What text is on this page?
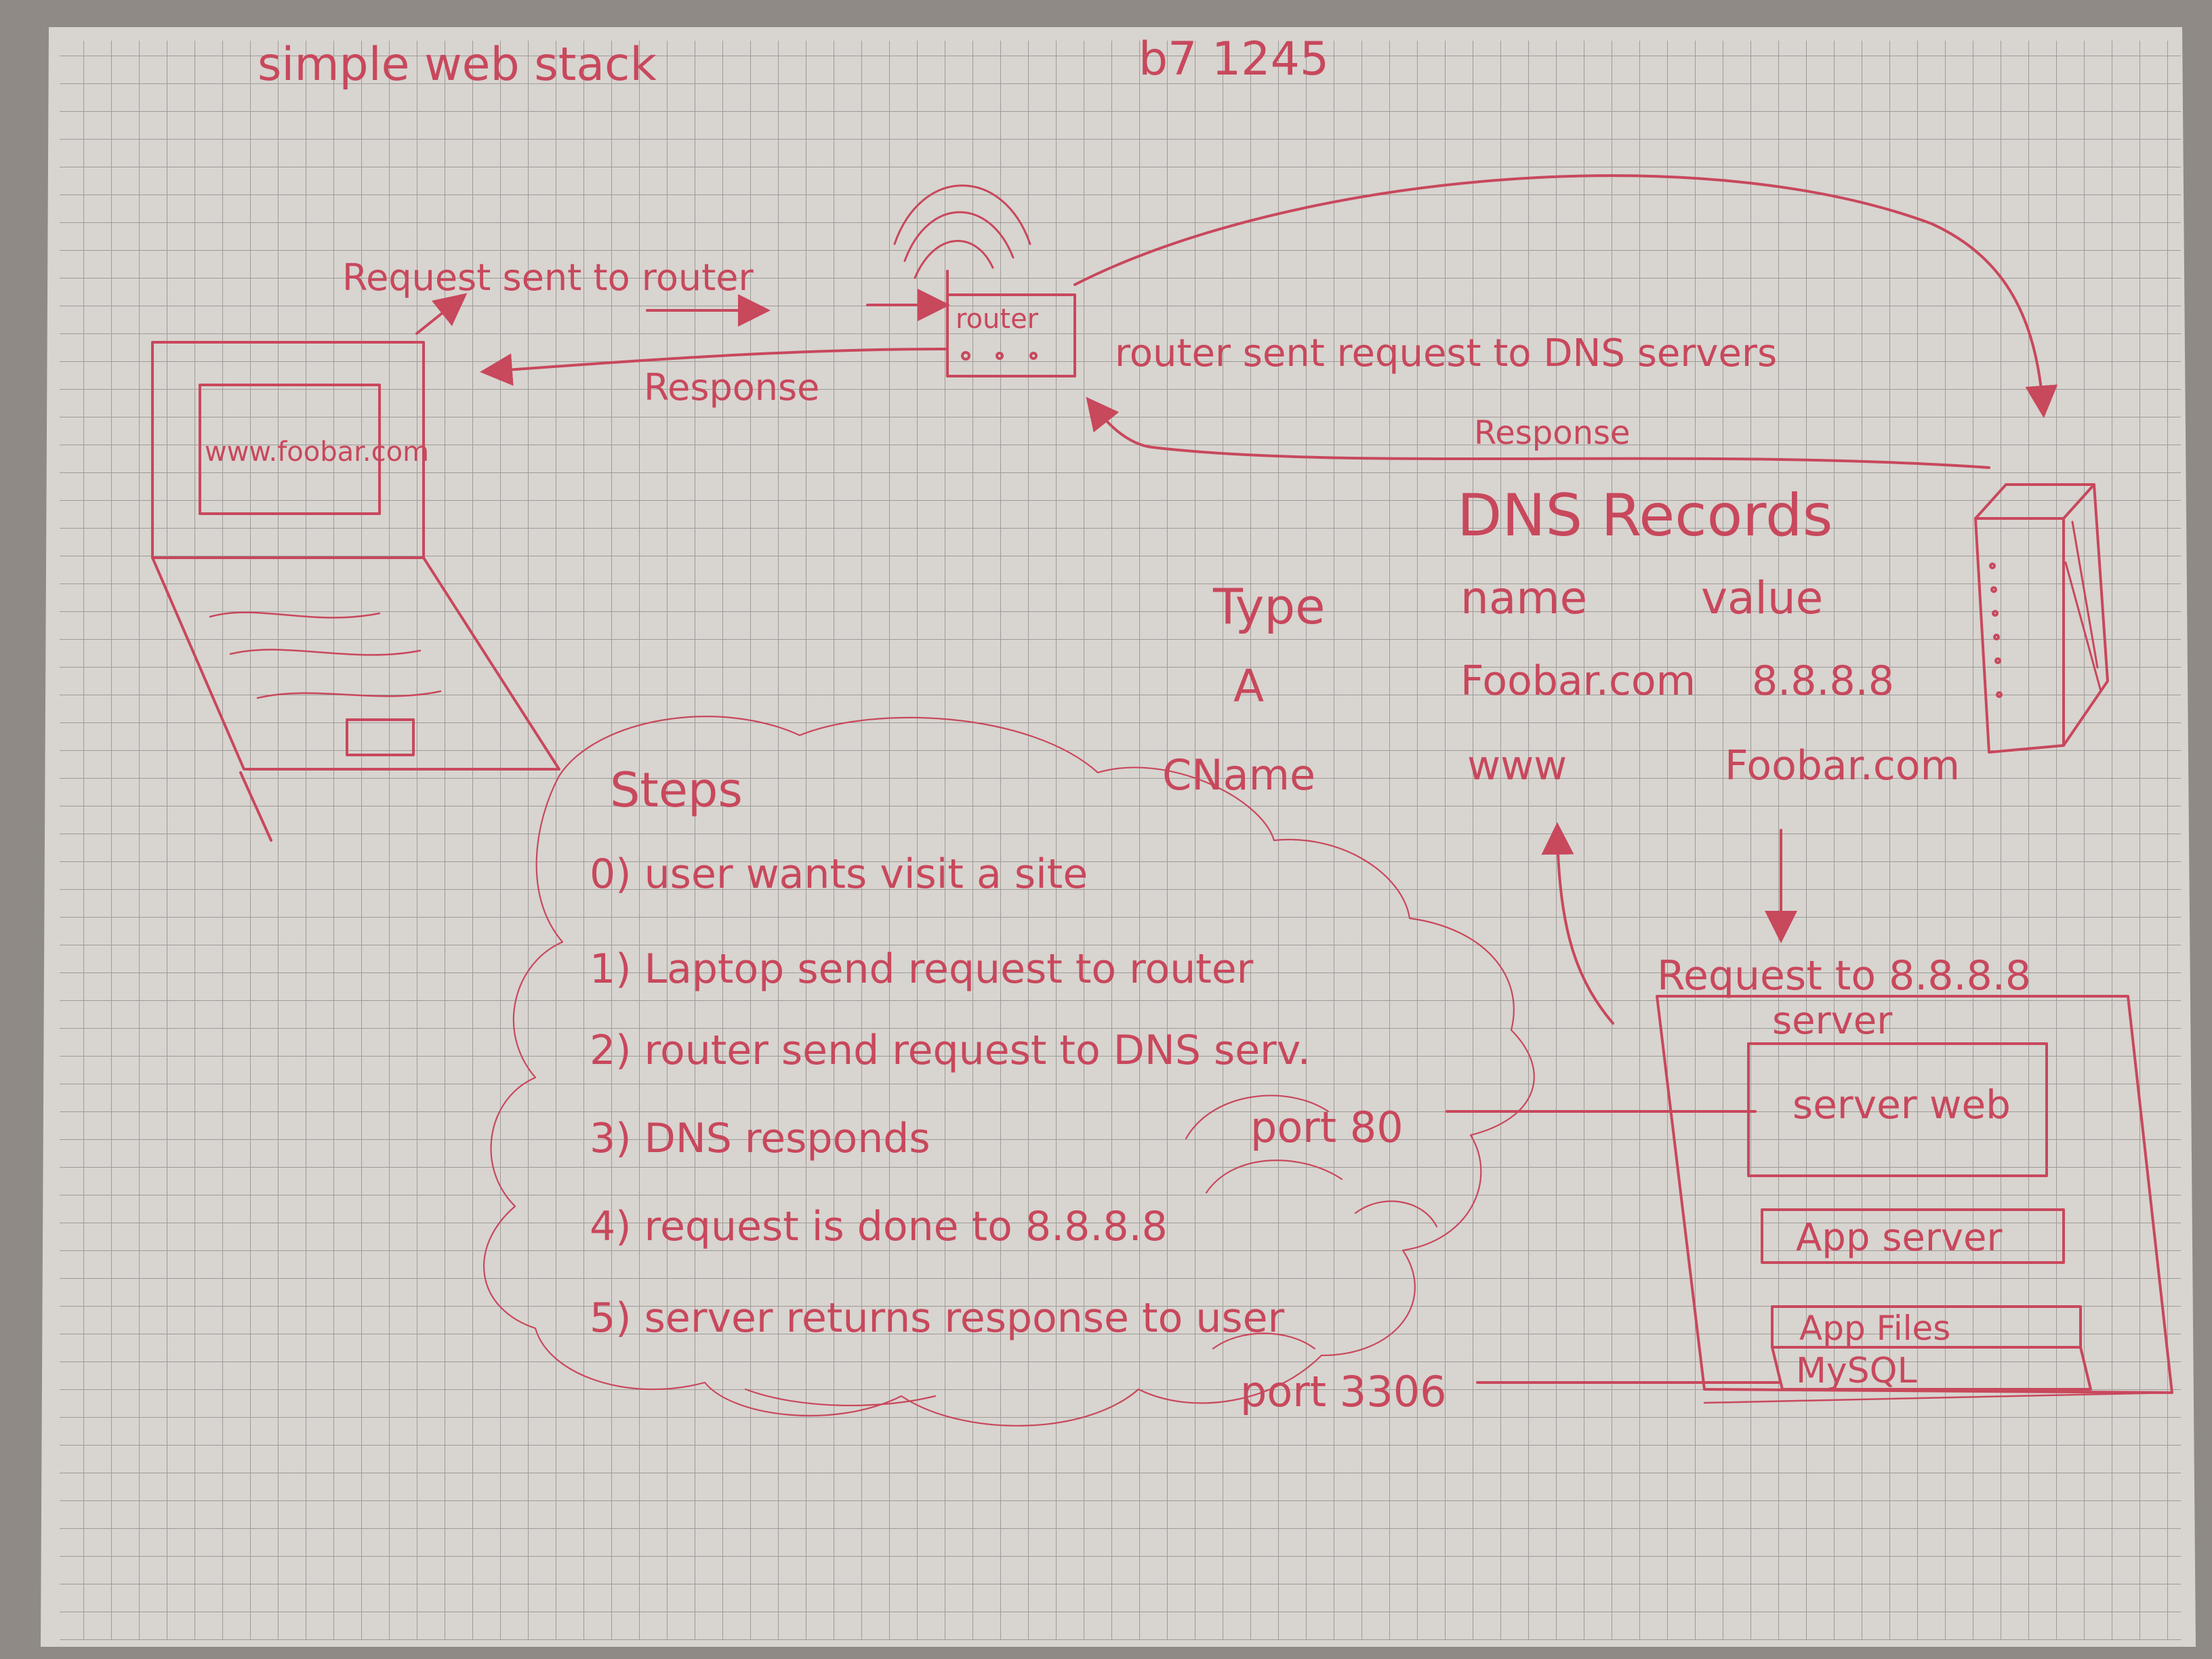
simple web stack	b7 1245
www.foobar.com
Request sent to router
Response
router
router sent request to DNS servers
Response
DNS Records
Type	name	value
A	Foobar.com 8.8.8.8
CName	www	Foobar.com
Steps
0) user wants visit a site
1) Laptop send request to router
2) router send request to DNS serv.
3) DNS responds
4) request is done to 8.8.8.8
5) server returns response to user
port 80
port 3306
Request to 8.8.8.8
server
server web
App server
App Files
MySQL
